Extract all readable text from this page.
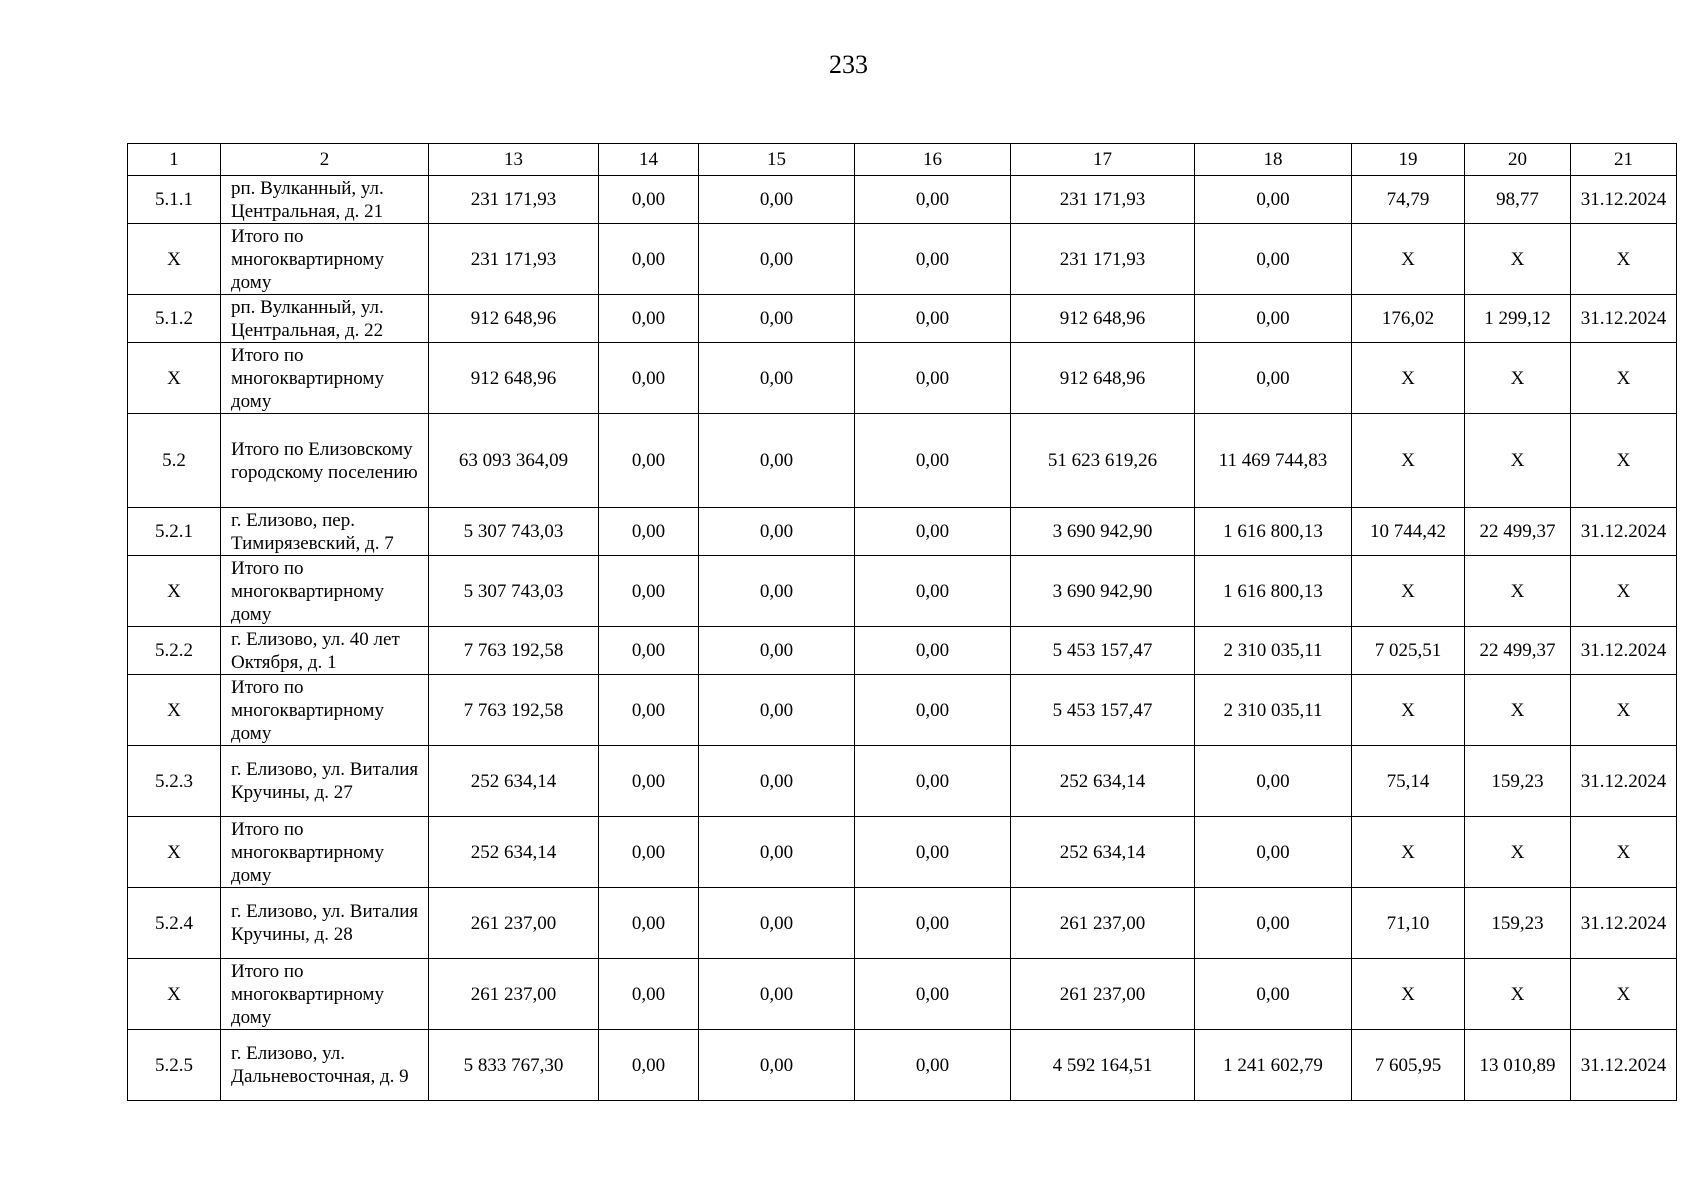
233
1	2	13	14	15	16	17	18	19	20	21
5.1.1	рп. Вулканный, ул. Центральная, д. 21	231 171,93	0,00	0,00	0,00	231 171,93	0,00	74,79	98,77	31.12.2024
Х	Итого по многоквартирному дому	231 171,93	0,00	0,00	0,00	231 171,93	0,00	Х	Х	Х
5.1.2	рп. Вулканный, ул. Центральная, д. 22	912 648,96	0,00	0,00	0,00	912 648,96	0,00	176,02	1 299,12	31.12.2024
Х	Итого по многоквартирному дому	912 648,96	0,00	0,00	0,00	912 648,96	0,00	Х	Х	Х
5.2	Итого по Елизовскому городскому поселению	63 093 364,09	0,00	0,00	0,00	51 623 619,26	11 469 744,83	Х	Х	Х
5.2.1	г. Елизово, пер. Тимирязевский, д. 7	5 307 743,03	0,00	0,00	0,00	3 690 942,90	1 616 800,13	10 744,42	22 499,37	31.12.2024
Х	Итого по многоквартирному дому	5 307 743,03	0,00	0,00	0,00	3 690 942,90	1 616 800,13	Х	Х	Х
5.2.2	г. Елизово, ул. 40 лет Октября, д. 1	7 763 192,58	0,00	0,00	0,00	5 453 157,47	2 310 035,11	7 025,51	22 499,37	31.12.2024
Х	Итого по многоквартирному дому	7 763 192,58	0,00	0,00	0,00	5 453 157,47	2 310 035,11	Х	Х	Х
5.2.3	г. Елизово, ул. Виталия Кручины, д. 27	252 634,14	0,00	0,00	0,00	252 634,14	0,00	75,14	159,23	31.12.2024
Х	Итого по многоквартирному дому	252 634,14	0,00	0,00	0,00	252 634,14	0,00	Х	Х	Х
5.2.4	г. Елизово, ул. Виталия Кручины, д. 28	261 237,00	0,00	0,00	0,00	261 237,00	0,00	71,10	159,23	31.12.2024
Х	Итого по многоквартирному дому	261 237,00	0,00	0,00	0,00	261 237,00	0,00	Х	Х	Х
5.2.5	г. Елизово, ул. Дальневосточная, д. 9	5 833 767,30	0,00	0,00	0,00	4 592 164,51	1 241 602,79	7 605,95	13 010,89	31.12.2024
